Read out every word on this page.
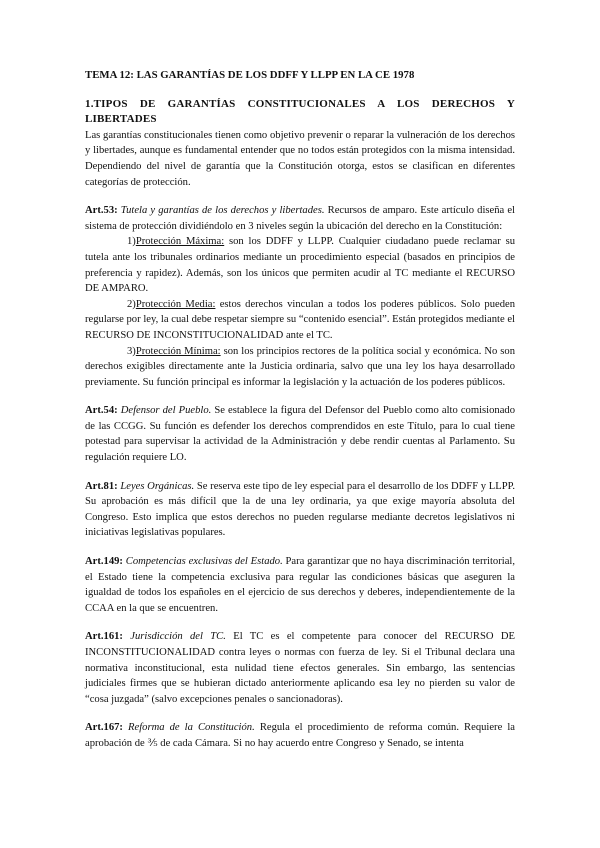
TEMA 12: LAS GARANTÍAS DE LOS DDFF Y LLPP EN LA CE 1978

1.TIPOS DE GARANTÍAS CONSTITUCIONALES A LOS DERECHOS Y LIBERTADES

Las garantías constitucionales tienen como objetivo prevenir o reparar la vulneración de los derechos y libertades, aunque es fundamental entender que no todos están protegidos con la misma intensidad. Dependiendo del nivel de garantía que la Constitución otorga, estos se clasifican en diferentes categorías de protección.

Art.53: Tutela y garantías de los derechos y libertades. Recursos de amparo. Este artículo diseña el sistema de protección dividiéndolo en 3 niveles según la ubicación del derecho en la Constitución:

1)Protección Máxima: son los DDFF y LLPP. Cualquier ciudadano puede reclamar su tutela ante los tribunales ordinarios mediante un procedimiento especial (basados en principios de preferencia y rapidez). Además, son los únicos que permiten acudir al TC mediante el RECURSO DE AMPARO.

2)Protección Media: estos derechos vinculan a todos los poderes públicos. Solo pueden regularse por ley, la cual debe respetar siempre su “contenido esencial”. Están protegidos mediante el RECURSO DE INCONSTITUCIONALIDAD ante el TC.

3)Protección Mínima: son los principios rectores de la política social y económica. No son derechos exigibles directamente ante la Justicia ordinaria, salvo que una ley los haya desarrollado previamente. Su función principal es informar la legislación y la actuación de los poderes públicos.

Art.54: Defensor del Pueblo. Se establece la figura del Defensor del Pueblo como alto comisionado de las CCGG. Su función es defender los derechos comprendidos en este Título, para lo cual tiene potestad para supervisar la actividad de la Administración y debe rendir cuentas al Parlamento. Su regulación requiere LO.

Art.81: Leyes Orgánicas. Se reserva este tipo de ley especial para el desarrollo de los DDFF y LLPP. Su aprobación es más difícil que la de una ley ordinaria, ya que exige mayoría absoluta del Congreso. Esto implica que estos derechos no pueden regularse mediante decretos legislativos ni iniciativas legislativas populares.

Art.149: Competencias exclusivas del Estado. Para garantizar que no haya discriminación territorial, el Estado tiene la competencia exclusiva para regular las condiciones básicas que aseguren la igualdad de todos los españoles en el ejercicio de sus derechos y deberes, independientemente de la CCAA en la que se encuentren.

Art.161: Jurisdicción del TC. El TC es el competente para conocer del RECURSO DE INCONSTITUCIONALIDAD contra leyes o normas con fuerza de ley. Si el Tribunal declara una normativa inconstitucional, esta nulidad tiene efectos generales. Sin embargo, las sentencias judiciales firmes que se hubieran dictado anteriormente aplicando esa ley no pierden su valor de “cosa juzgada” (salvo excepciones penales o sancionadoras).

Art.167: Reforma de la Constitución. Regula el procedimiento de reforma común. Requiere la aprobación de ⅗ de cada Cámara. Si no hay acuerdo entre Congreso y Senado, se intenta
